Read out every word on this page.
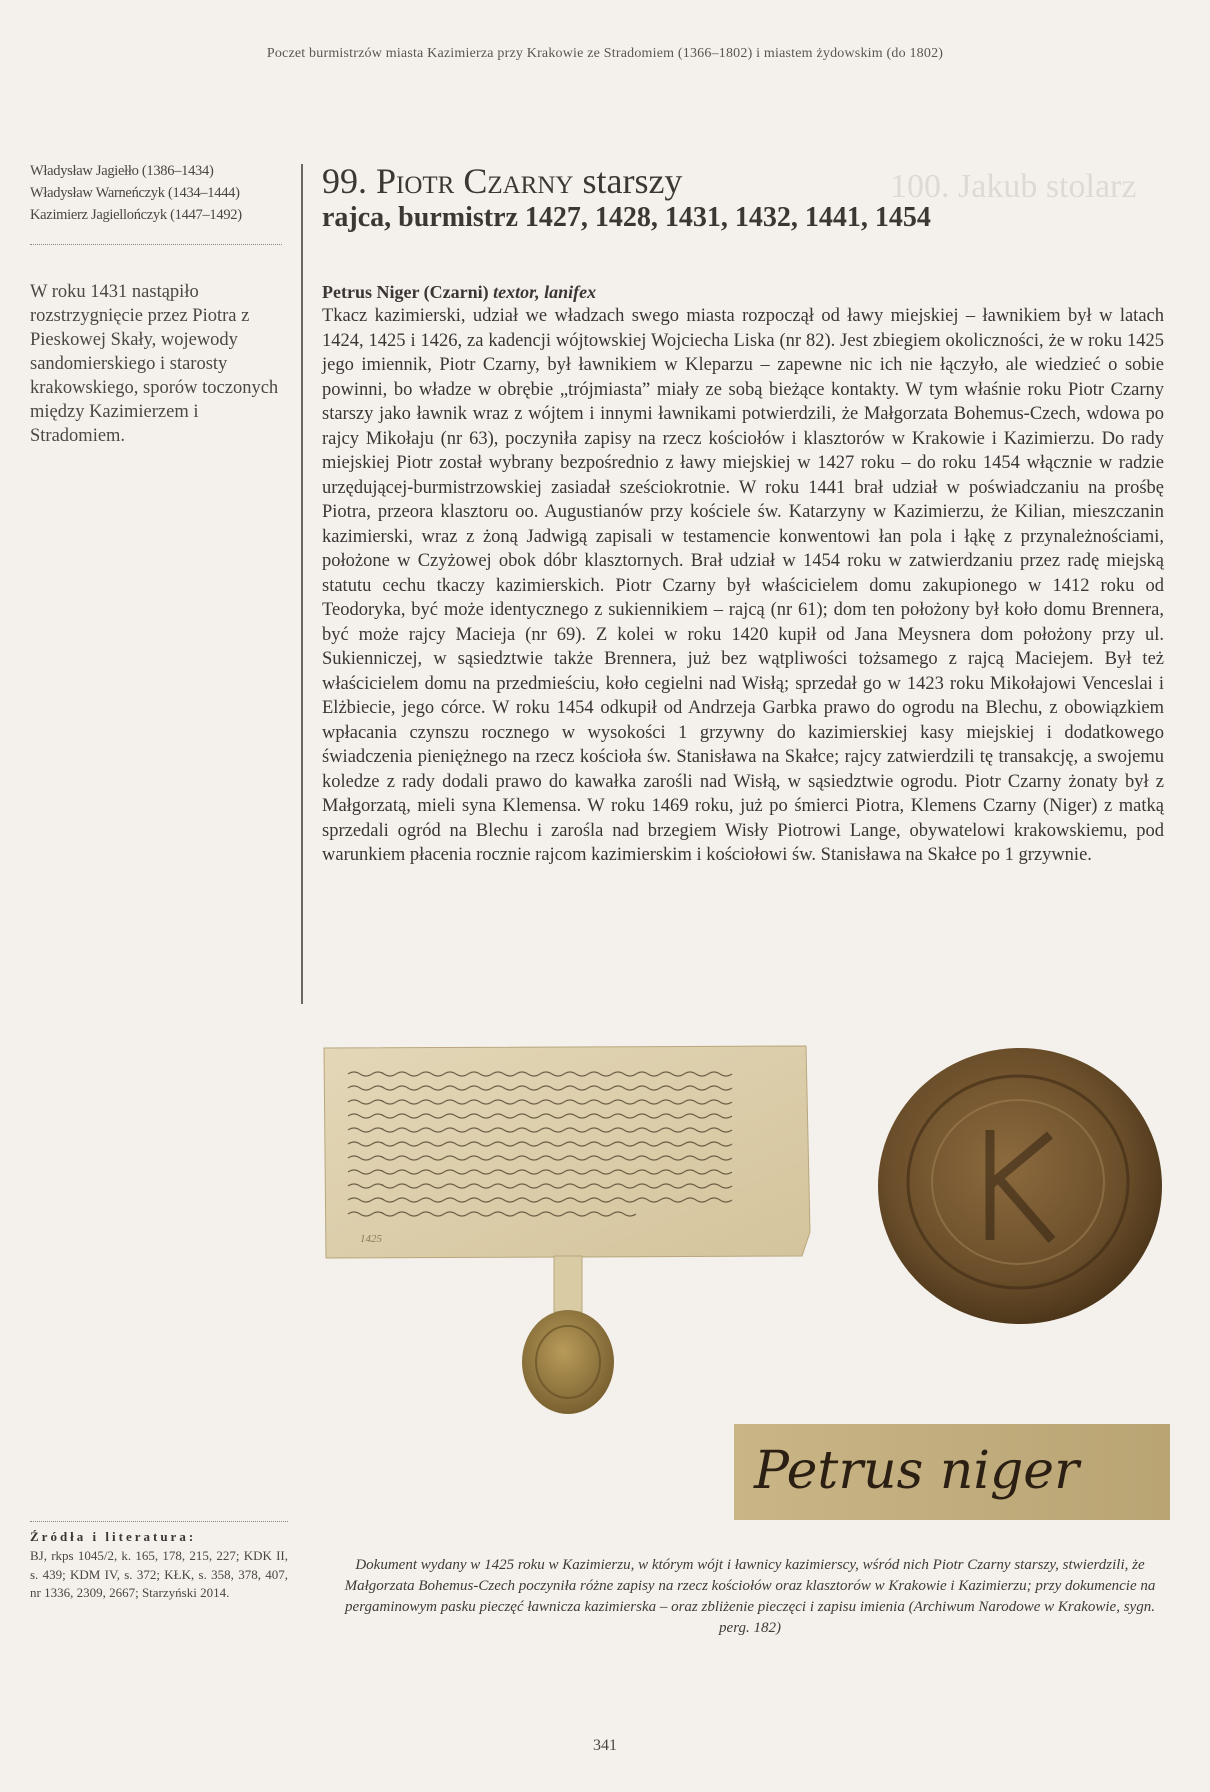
Poczet burmistrzów miasta Kazimierza przy Krakowie ze Stradomiem (1366–1802) i miastem żydowskim (do 1802)
Władysław Jagiełło (1386–1434)
Władysław Warneńczyk (1434–1444)
Kazimierz Jagiellończyk (1447–1492)
W roku 1431 nastąpiło rozstrzygnięcie przez Piotra z Pieskowej Skały, wojewody sandomierskiego i starosty krakowskiego, sporów toczonych między Kazimierzem i Stradomiem.
Źródła i literatura:
BJ, rkps 1045/2, k. 165, 178, 215, 227; KDK II, s. 439; KDM IV, s. 372; KŁK, s. 358, 378, 407, nr 1336, 2309, 2667; Starzyński 2014.
100. Jakub stolarz
99. Piotr Czarny starszy
rajca, burmistrz 1427, 1428, 1431, 1432, 1441, 1454
Petrus Niger (Czarni) textor, lanifex
Tkacz kazimierski, udział we władzach swego miasta rozpoczął od ławy miejskiej – ławnikiem był w latach 1424, 1425 i 1426, za kadencji wójtowskiej Wojciecha Liska (nr 82). Jest zbiegiem okoliczności, że w roku 1425 jego imiennik, Piotr Czarny, był ławnikiem w Kleparzu – zapewne nic ich nie łączyło, ale wiedzieć o sobie powinni, bo władze w obrębie „trójmiasta” miały ze sobą bieżące kontakty. W tym właśnie roku Piotr Czarny starszy jako ławnik wraz z wójtem i innymi ławnikami potwierdzili, że Małgorzata Bohemus-Czech, wdowa po rajcy Mikołaju (nr 63), poczyniła zapisy na rzecz kościołów i klasztorów w Krakowie i Kazimierzu. Do rady miejskiej Piotr został wybrany bezpośrednio z ławy miejskiej w 1427 roku – do roku 1454 włącznie w radzie urzędującej-burmistrzowskiej zasiadał sześciokrotnie. W roku 1441 brał udział w poświadczaniu na prośbę Piotra, przeora klasztoru oo. Augustianów przy kościele św. Katarzyny w Kazimierzu, że Kilian, mieszczanin kazimierski, wraz z żoną Jadwigą zapisali w testamencie konwentowi łan pola i łąkę z przynależnościami, położone w Czyżowej obok dóbr klasztornych. Brał udział w 1454 roku w zatwierdzaniu przez radę miejską statutu cechu tkaczy kazimierskich. Piotr Czarny był właścicielem domu zakupionego w 1412 roku od Teodoryka, być może identycznego z sukiennikiem – rajcą (nr 61); dom ten położony był koło domu Brennera, być może rajcy Macieja (nr 69). Z kolei w roku 1420 kupił od Jana Meysnera dom położony przy ul. Sukienniczej, w sąsiedztwie także Brennera, już bez wątpliwości tożsamego z rajcą Maciejem. Był też właścicielem domu na przedmieściu, koło cegielni nad Wisłą; sprzedał go w 1423 roku Mikołajowi Venceslai i Elżbiecie, jego córce. W roku 1454 odkupił od Andrzeja Garbka prawo do ogrodu na Blechu, z obowiązkiem wpłacania czynszu rocznego w wysokości 1 grzywny do kazimierskiej kasy miejskiej i dodatkowego świadczenia pieniężnego na rzecz kościoła św. Stanisława na Skałce; rajcy zatwierdzili tę transakcję, a swojemu koledze z rady dodali prawo do kawałka zarośli nad Wisłą, w sąsiedztwie ogrodu. Piotr Czarny żonaty był z Małgorzatą, mieli syna Klemensa. W roku 1469 roku, już po śmierci Piotra, Klemens Czarny (Niger) z matką sprzedali ogród na Blechu i zarośla nad brzegiem Wisły Piotrowi Lange, obywatelowi krakowskiemu, pod warunkiem płacenia rocznie rajcom kazimierskim i kościołowi św. Stanisława na Skałce po 1 grzywnie.
1425
Petrus niger
Dokument wydany w 1425 roku w Kazimierzu, w którym wójt i ławnicy kazimierscy, wśród nich Piotr Czarny starszy, stwierdzili, że Małgorzata Bohemus-Czech poczyniła różne zapisy na rzecz kościołów oraz klasztorów w Krakowie i Kazimierzu; przy dokumencie na pergaminowym pasku pieczęć ławnicza kazimierska – oraz zbliżenie pieczęci i zapisu imienia (Archiwum Narodowe w Krakowie, sygn. perg. 182)
341
